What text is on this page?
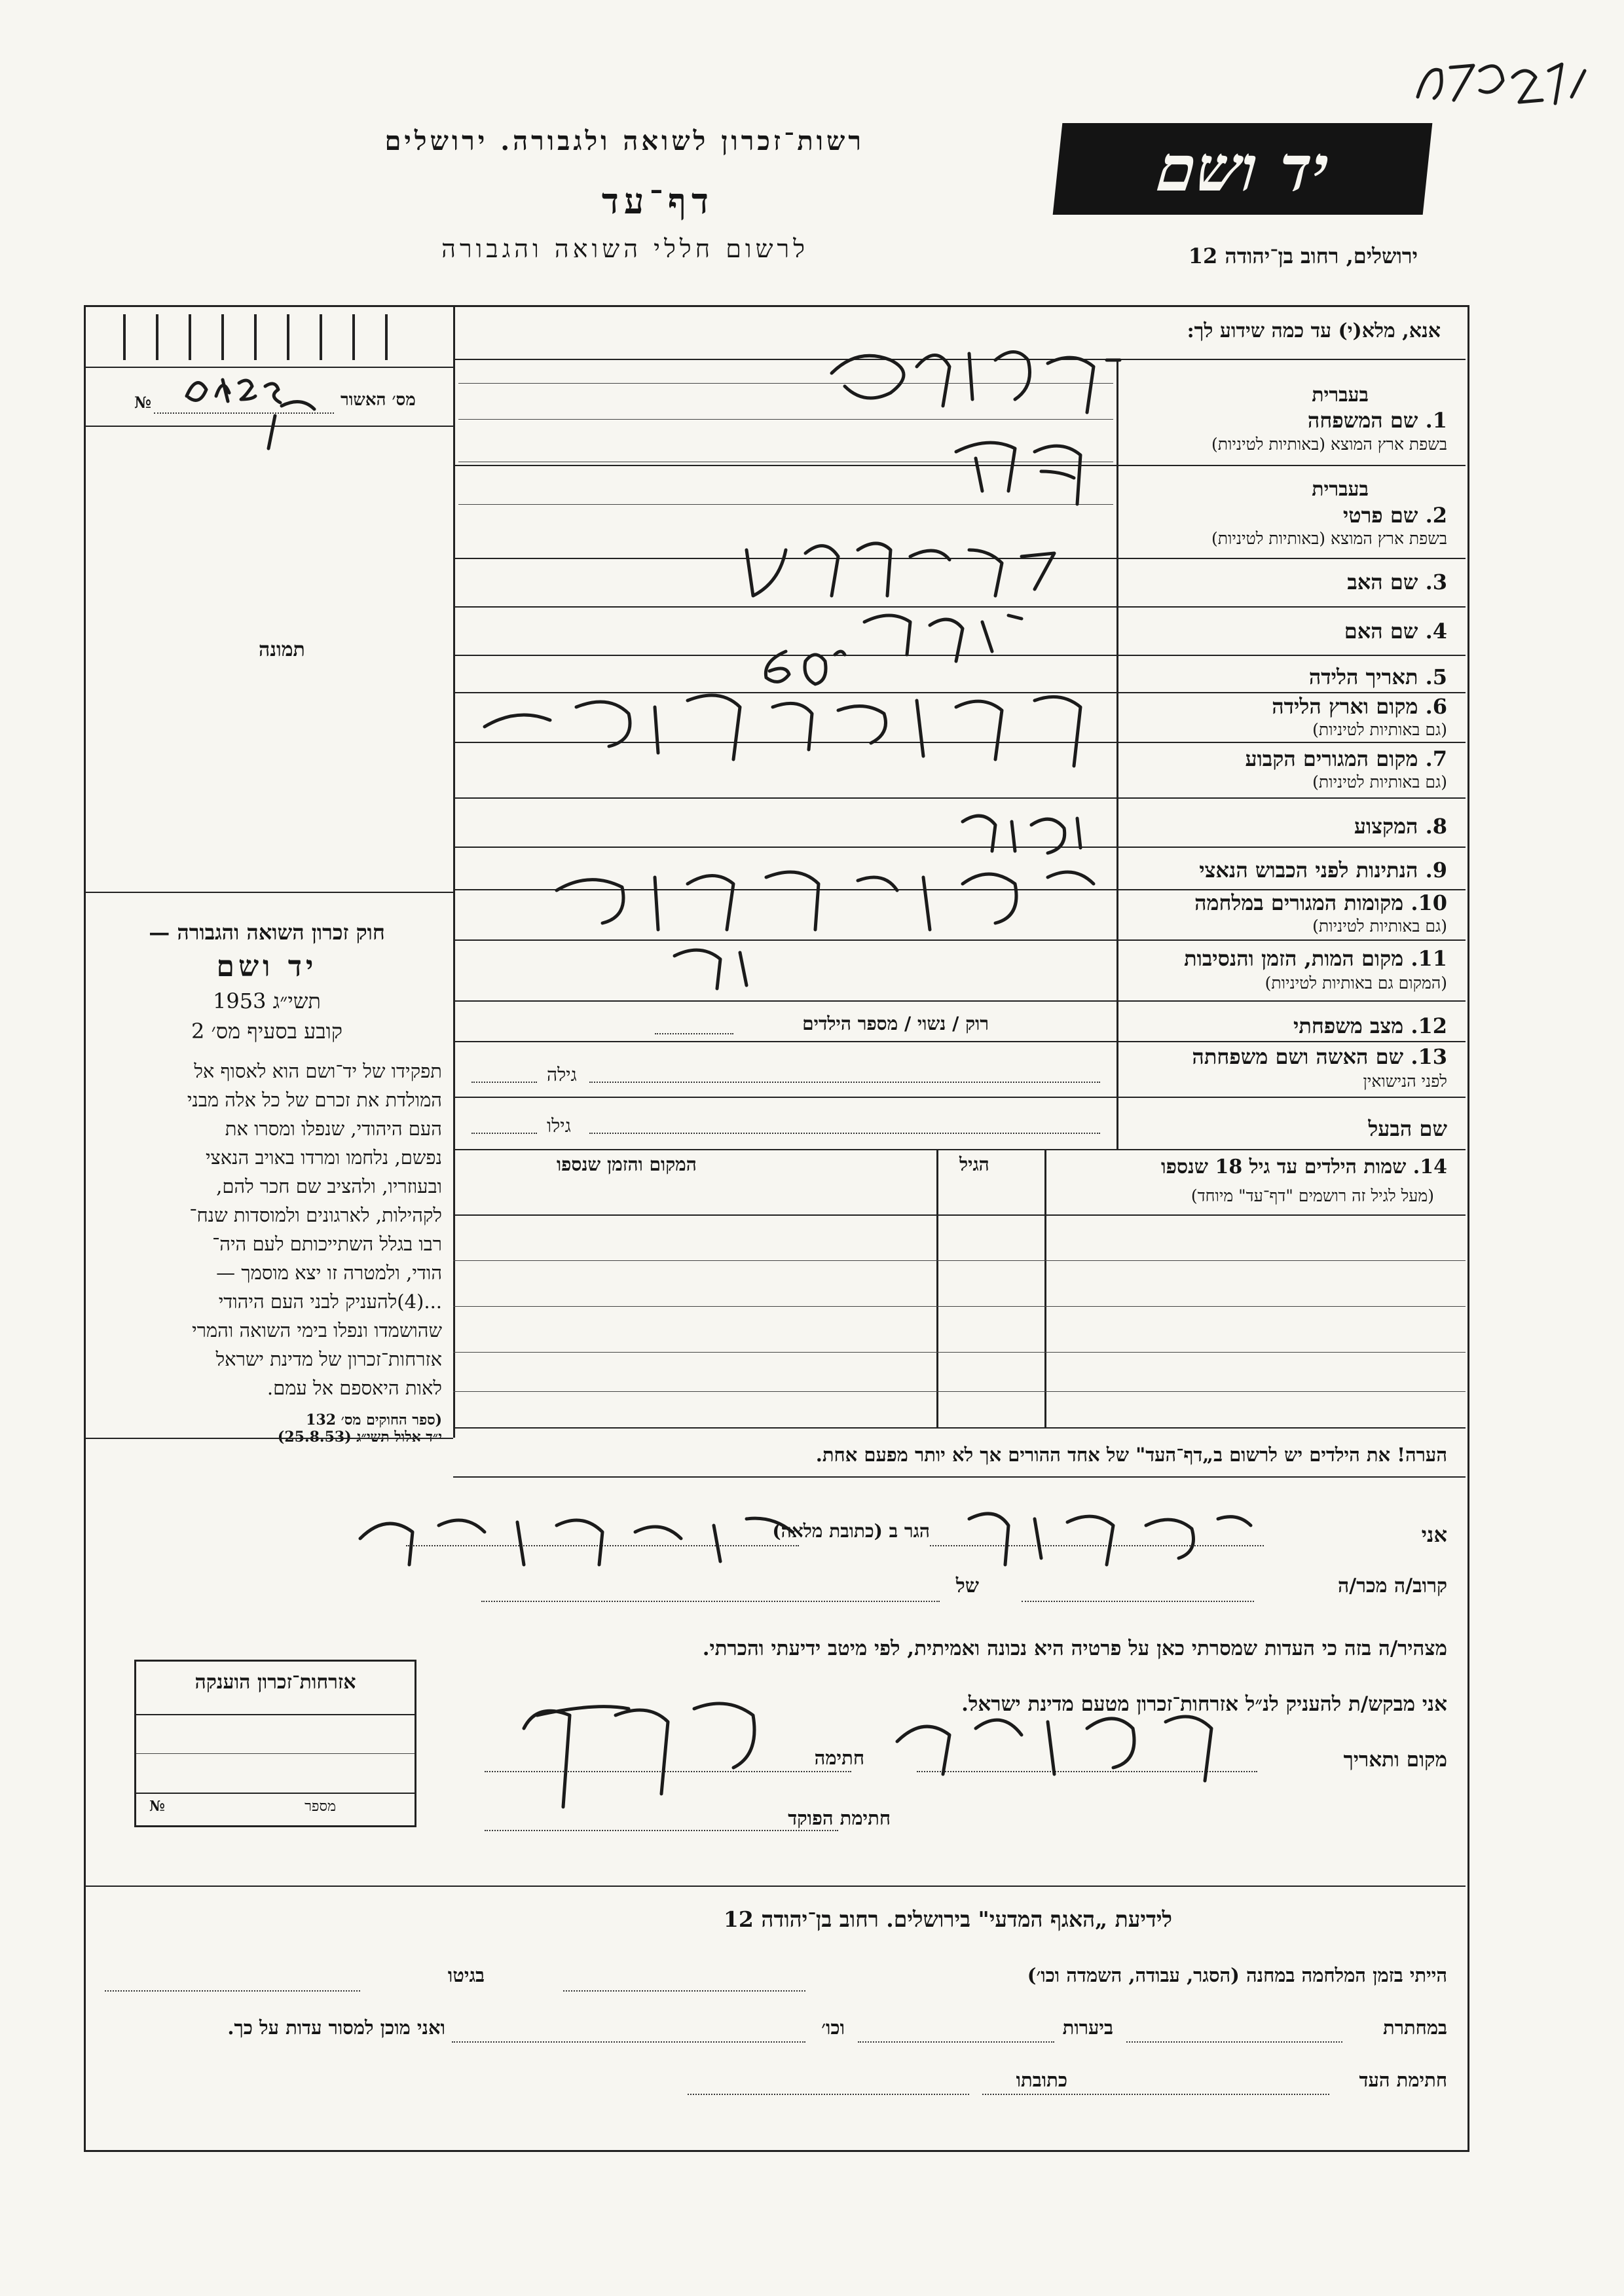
רשות־זכרון לשואה ולגבורה. ירושלים
דף־עד
לרשום חללי השואה והגבורה
יד ושם
ירושלים, רחוב בן־יהודה 12
№	מס׳ האשור
תמונה
חוק זכרון השואה והגבורה —
יד ושם
תשי״ג 1953
קובע בסעיף מס׳ 2
תפקידו של יד־ושם הוא לאסוף אל
המולדת את זכרם של כל אלה מבני
העם היהודי, שנפלו ומסרו את
נפשם, נלחמו ומרדו באויב הנאצי
ובעוזריו, ולהציב שם חכר להם,
לקהילות, לארגונים ולמוסדות שנח־
רבו בגלל השתייכותם לעם היה־
הודי, ולמטרה זו יצא מוסמך —
...(4)להעניק לבני העם היהודי
שהושמדו ונפלו בימי השואה והמרי
אזרחות־זכרון של מדינת ישראל
לאות היאספם אל עמם.
(ספר החוקים מס׳ 132
י״ד אלול תשי״ג (25.8.53)
אנא, מלא(י) עד כמה שידוע לך:
בעברית
1. שם המשפחה
בשפת ארץ המוצא (באותיות לטיניות)
בעברית
2. שם פרטי
בשפת ארץ המוצא (באותיות לטיניות)
3. שם האב
4. שם האם
5. תאריך הלידה
6. מקום וארץ הלידה
(גם באותיות לטיניות)
7. מקום המגורים הקבוע
(גם באותיות לטיניות)
8. המקצוע
9. הנתינות לפני הכבוש הנאצי
10. מקומות המגורים במלחמה
(גם באותיות לטיניות)
11. מקום המות, הזמן והנסיבות
(המקום גם באותיות לטיניות)
12. מצב משפחתי
רוק / נשוי / מספר הילדים
13. שם האשה ושם משפחתה
לפני הנישואין
גילה
שם הבעל
גילו
14. שמות הילדים עד גיל 18 שנספו
(מעל לגיל זה רושמים "דף־עד" מיוחד)
הגיל
המקום והזמן שנספו
הערה! את הילדים יש לרשום ב„דף־העד" של אחד ההורים אך לא יותר מפעם אחת.
אני
הגר ב (כתובת מלאה)
קרוב/ה מכר/ה
של
מצהיר/ה בזה כי העדות שמסרתי כאן על פרטיה היא נכונה ואמיתית, לפי מיטב ידיעתי והכרתי.
אני מבקש/ת להעניק לנ״ל אזרחות־זכרון מטעם מדינת ישראל.
מקום ותאריך
חתימה
חתימת הפוקד
אזרחות־זכרון הוענקה
מספר
№
לידיעת „האגף המדעי" בירושלים. רחוב בן־יהודה 12
הייתי בזמן המלחמה במחנה (הסגר, עבודה, השמדה וכו׳)
בגיטו
במחתרת
ביערות
וכו׳
ואני מוכן למסור עדות על כך.
חתימת העד
כתובתו
